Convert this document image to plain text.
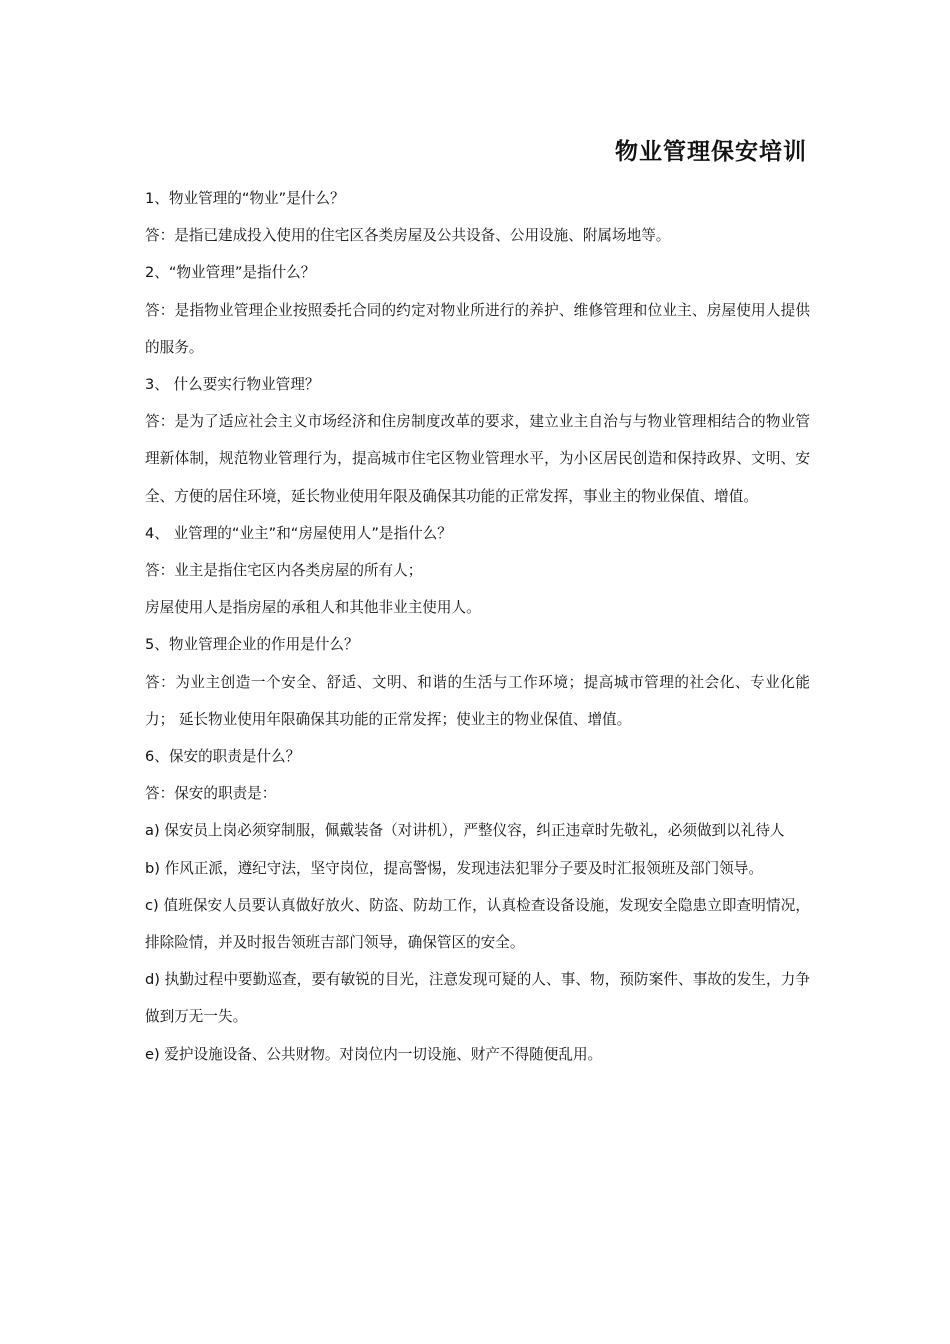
物业管理保安培训

1、物业管理的“物业”是什么？

答：是指已建成投入使用的住宅区各类房屋及公共设备、公用设施、附属场地等。

2、“物业管理”是指什么？

答：是指物业管理企业按照委托合同的约定对物业所进行的养护、维修管理和位业主、房屋使用人提供的服务。

3、 什么要实行物业管理？

答：是为了适应社会主义市场经济和住房制度改革的要求，建立业主自治与与物业管理相结合的物业管理新体制，规范物业管理行为，提高城市住宅区物业管理水平，为小区居民创造和保持政界、文明、安全、方便的居住环境，延长物业使用年限及确保其功能的正常发挥，事业主的物业保值、增值。

4、 业管理的“业主”和“房屋使用人”是指什么？

答：业主是指住宅区内各类房屋的所有人；

房屋使用人是指房屋的承租人和其他非业主使用人。

5、物业管理企业的作用是什么？

答：为业主创造一个安全、舒适、文明、和谐的生活与工作环境；提高城市管理的社会化、专业化能力； 延长物业使用年限确保其功能的正常发挥；使业主的物业保值、增值。

6、保安的职责是什么？

答：保安的职责是：

a) 保安员上岗必须穿制服，佩戴装备（对讲机），严整仪容，纠正违章时先敬礼，必须做到以礼待人

b) 作风正派，遵纪守法，坚守岗位，提高警惕，发现违法犯罪分子要及时汇报领班及部门领导。

c) 值班保安人员要认真做好放火、防盗、防劫工作，认真检查设备设施，发现安全隐患立即查明情况，排除险情，并及时报告领班吉部门领导，确保管区的安全。

d) 执勤过程中要勤巡查，要有敏锐的目光，注意发现可疑的人、事、物，预防案件、事故的发生，力争做到万无一失。

e) 爱护设施设备、公共财物。对岗位内一切设施、财产不得随便乱用。
